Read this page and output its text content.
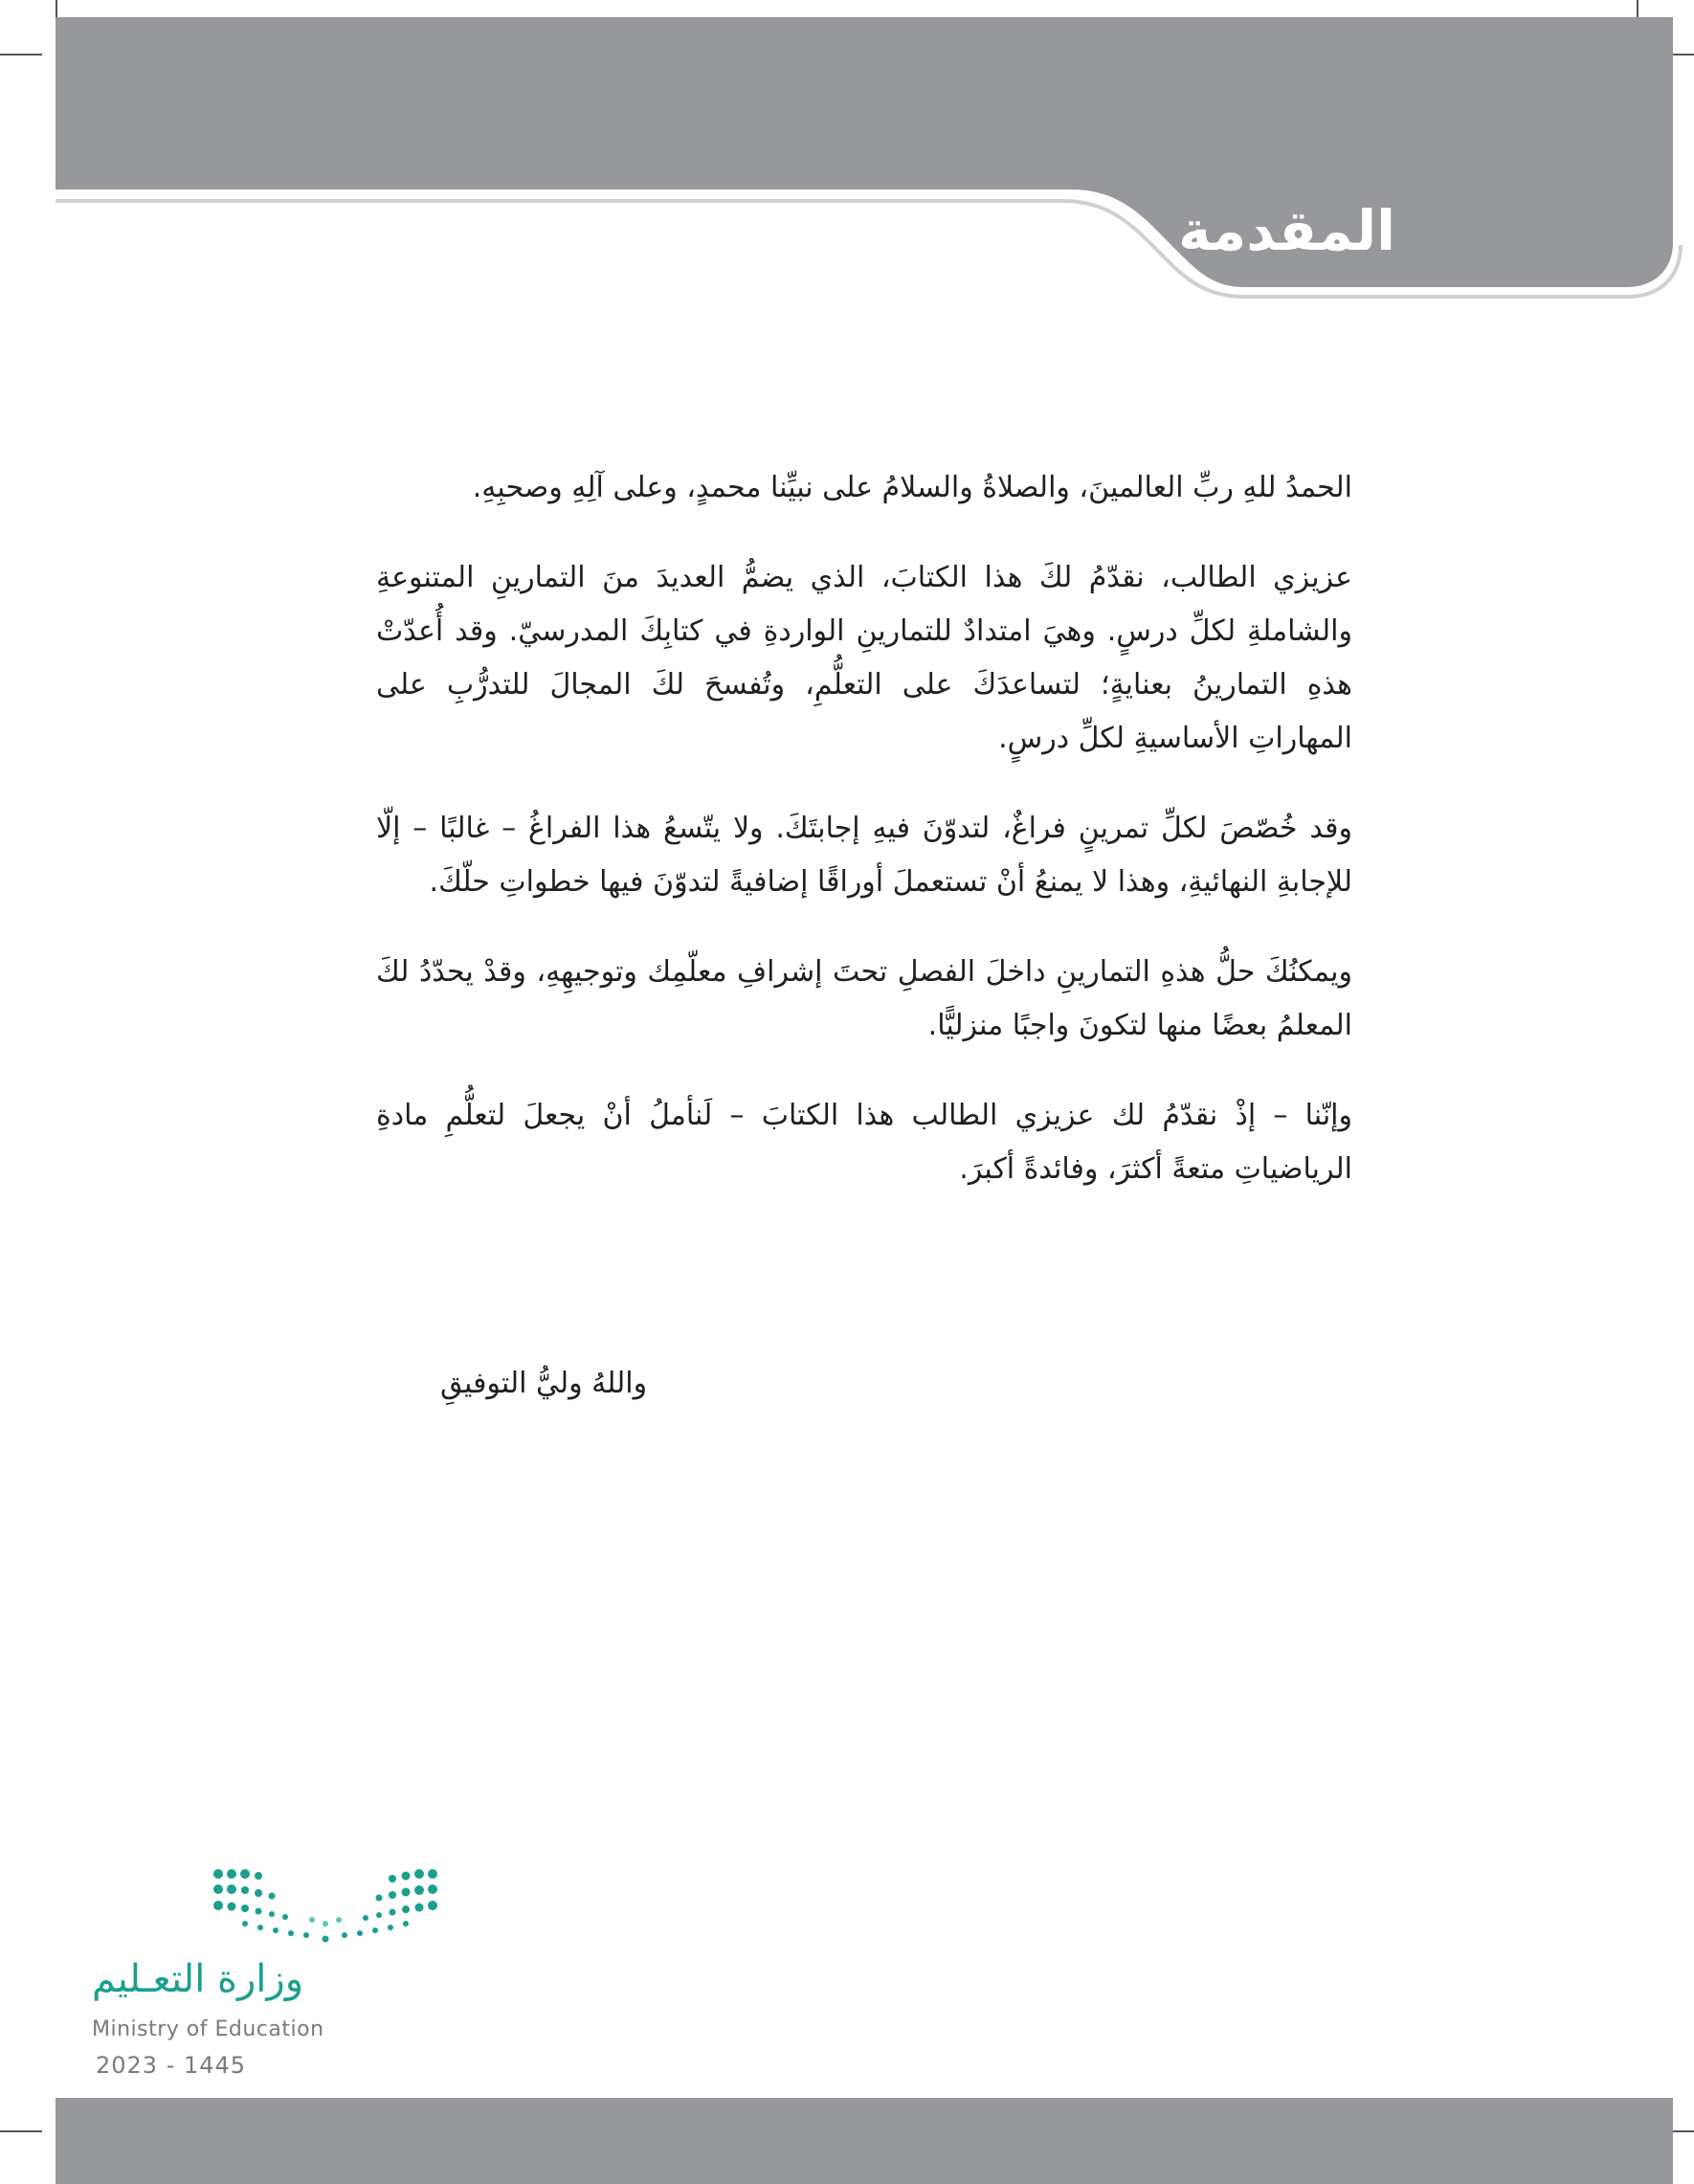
المقدمة

الحمدُ للهِ ربِّ العالمينَ، والصلاةُ والسلامُ على نبيِّنا محمدٍ، وعلى آلِهِ وصحبِهِ.

عزيزي الطالب، نقدّمُ لكَ هذا الكتابَ، الذي يضمُّ العديدَ منَ التمارينِ المتنوعةِ والشاملةِ لكلِّ درسٍ. وهيَ امتدادٌ للتمارينِ الواردةِ في كتابِكَ المدرسيّ. وقد أُعدّتْ هذهِ التمارينُ بعنايةٍ؛ لتساعدَكَ على التعلُّمِ، وتُفسحَ لكَ المجالَ للتدرُّبِ على المهاراتِ الأساسيةِ لكلِّ درسٍ.

وقد خُصّصَ لكلِّ تمرينٍ فراغٌ، لتدوّنَ فيهِ إجابتَكَ. ولا يتّسعُ هذا الفراغُ – غالبًا – إلّا للإجابةِ النهائيةِ، وهذا لا يمنعُ أنْ تستعملَ أوراقًا إضافيةً لتدوّنَ فيها خطواتِ حلّكَ.

ويمكنُكَ حلُّ هذهِ التمارينِ داخلَ الفصلِ تحتَ إشرافِ معلّمِك وتوجيهِهِ، وقدْ يحدّدُ لكَ المعلمُ بعضًا منها لتكونَ واجبًا منزليًّا.

وإنّنا – إذْ نقدّمُ لك عزيزي الطالب هذا الكتابَ – لَنأملُ أنْ يجعلَ لتعلُّمِ مادةِ الرياضياتِ متعةً أكثرَ، وفائدةً أكبرَ.

واللهُ وليُّ التوفيقِ
وزارة التعـليم
Ministry of Education
2023 - 1445
